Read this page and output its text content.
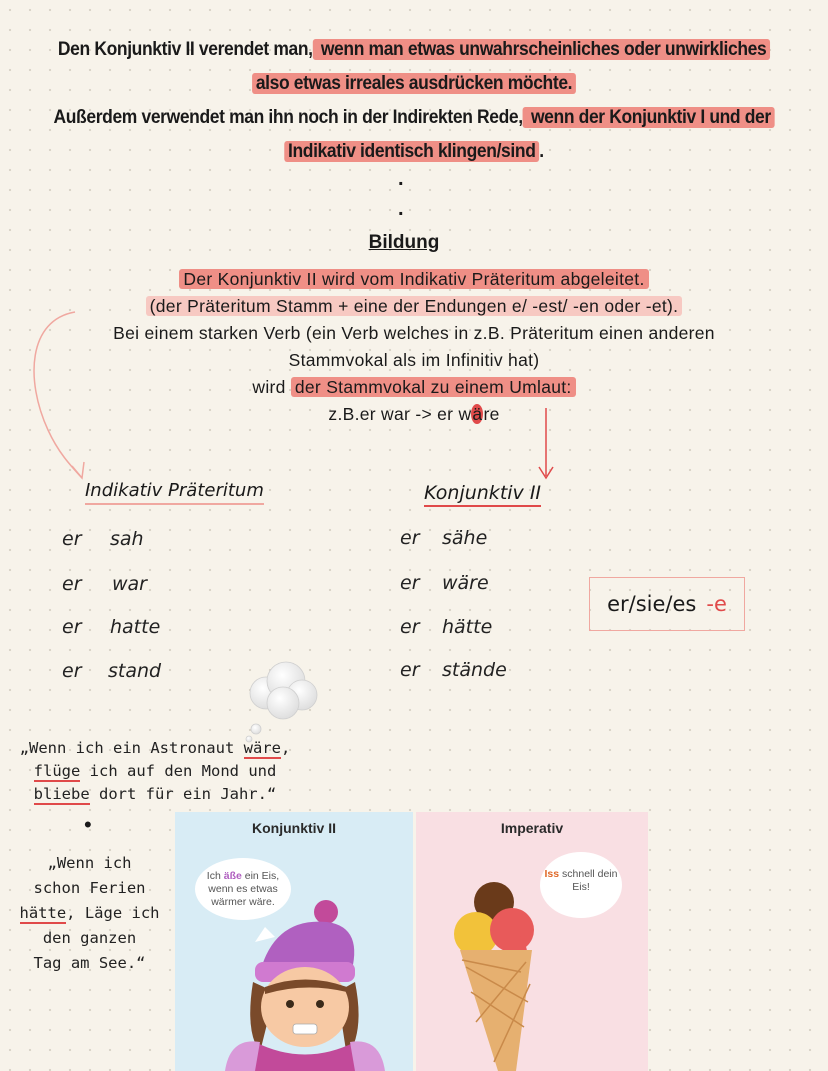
Den Konjunktiv II verendet man, wenn man etwas unwahrscheinliches oder unwirkliches
also etwas irreales ausdrücken möchte.
Außerdem verwendet man ihn noch in der Indirekten Rede, wenn der Konjunktiv I und der
Indikativ identisch klingen/sind .
.
.
Bildung
Der Konjunktiv II wird vom Indikativ Präteritum abgeleitet.
(der Präteritum Stamm + eine der Endungen e/ -est/ -en oder -et).
Bei einem starken Verb (ein Verb welches in z.B. Präteritum einen anderen
Stammvokal als im Infinitiv hat)
wird der Stammvokal zu einem Umlaut:
z.B.er war -> er wäre
Indikativ Präteritum
er sah
er war
er hatte
er stand
Konjunktiv II
er sähe
er wäre
er hätte
er stände
er/sie/es -e
„Wenn ich ein Astronaut wäre,
flüge ich auf den Mond und
bliebe dort für ein Jahr.“
•
„Wenn ich
schon Ferien
hätte, Läge ich
den ganzen
Tag am See.“
Konjunktiv II
Ich äße ein Eis, wenn es etwas wärmer wäre.
Imperativ
Iss schnell dein Eis!
